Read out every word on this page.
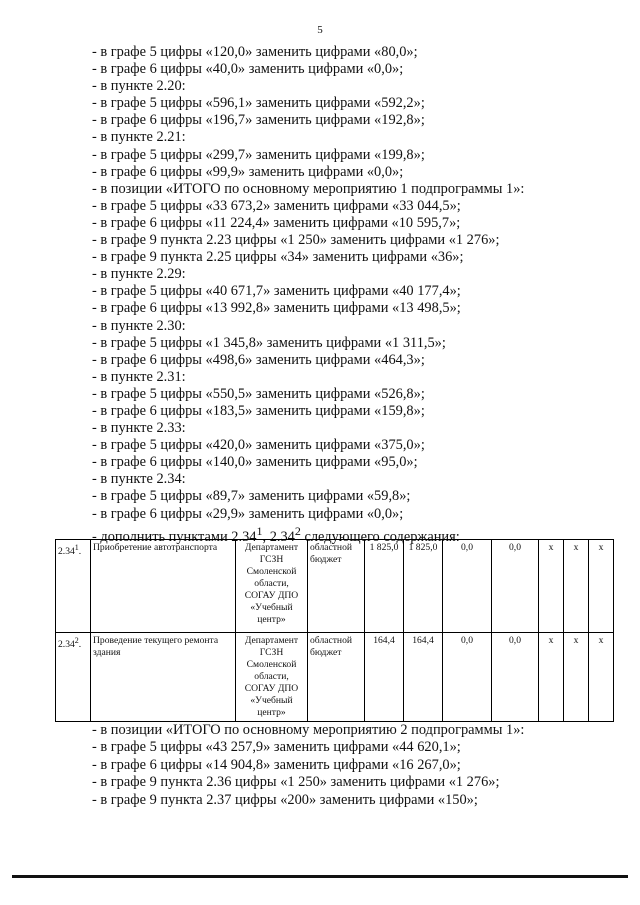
5
- в графе 5 цифры «120,0» заменить цифрами «80,0»;
- в графе 6 цифры «40,0» заменить цифрами «0,0»;
- в пункте 2.20:
- в графе 5 цифры «596,1» заменить цифрами «592,2»;
- в графе 6 цифры «196,7» заменить цифрами «192,8»;
- в пункте 2.21:
- в графе 5 цифры «299,7» заменить цифрами «199,8»;
- в графе 6 цифры «99,9» заменить цифрами «0,0»;
- в позиции «ИТОГО по основному мероприятию 1 подпрограммы 1»:
- в графе 5 цифры «33 673,2» заменить цифрами «33 044,5»;
- в графе 6 цифры «11 224,4» заменить цифрами «10 595,7»;
- в графе 9 пункта 2.23 цифры «1 250» заменить цифрами «1 276»;
- в графе 9 пункта 2.25 цифры «34» заменить цифрами «36»;
- в пункте 2.29:
- в графе 5 цифры «40 671,7» заменить цифрами «40 177,4»;
- в графе 6 цифры «13 992,8» заменить цифрами «13 498,5»;
- в пункте 2.30:
- в графе 5 цифры «1 345,8» заменить цифрами «1 311,5»;
- в графе 6 цифры «498,6» заменить цифрами «464,3»;
- в пункте 2.31:
- в графе 5 цифры «550,5» заменить цифрами «526,8»;
- в графе 6 цифры «183,5» заменить цифрами «159,8»;
- в пункте 2.33:
- в графе 5 цифры «420,0» заменить цифрами «375,0»;
- в графе 6 цифры «140,0» заменить цифрами «95,0»;
- в пункте 2.34:
- в графе 5 цифры «89,7» заменить цифрами «59,8»;
- в графе 6 цифры «29,9» заменить цифрами «0,0»;
- дополнить пунктами 2.34$^1$, 2.34$^2$ следующего содержания:
2.34$^1$.	Приобретение автотранспорта	Департамент ГСЗН Смоленской области, СОГАУ ДПО «Учебный центр»	областной бюджет	1 825,0	1 825,0	0,0	0,0	х	х	х
2.34$^2$.	Проведение текущего ремонта здания	Департамент ГСЗН Смоленской области, СОГАУ ДПО «Учебный центр»	областной бюджет	164,4	164,4	0,0	0,0	х	х	х
- в позиции «ИТОГО по основному мероприятию 2 подпрограммы 1»:
- в графе 5 цифры «43 257,9» заменить цифрами «44 620,1»;
- в графе 6 цифры «14 904,8» заменить цифрами «16 267,0»;
- в графе 9 пункта 2.36 цифры «1 250» заменить цифрами «1 276»;
- в графе 9 пункта 2.37 цифры «200» заменить цифрами «150»;
